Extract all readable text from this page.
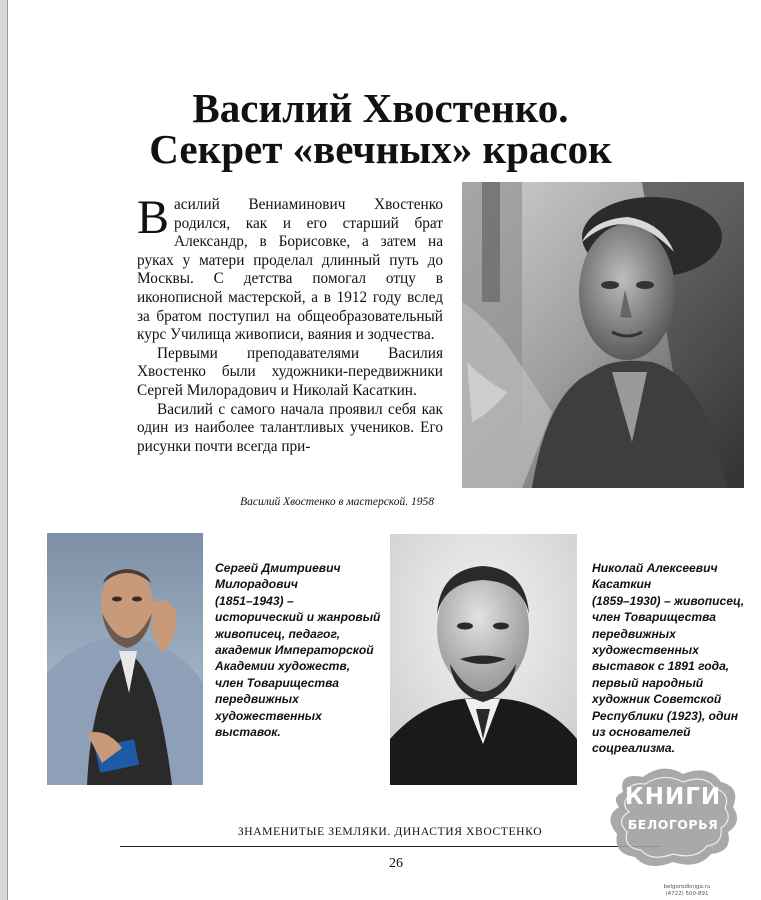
Василий Хвостенко.
Секрет «вечных» красок

Василий Вениаминович Хвостенко родился, как и его старший брат Александр, в Борисовке, а затем на руках у матери проделал длинный путь до Москвы. С детства помогал отцу в иконописной мастерской, а в 1912 году вслед за братом поступил на общеобразовательный курс Училища живописи, ваяния и зодчества.

Первыми преподавателями Василия Хвостенко были художники-передвижники Сергей Милорадович и Николай Касаткин.

Василий с самого начала проявил себя как один из наиболее талантливых учеников. Его рисунки почти всегда при-

Василий Хвостенко в мастерской. 1958
Сергей Дмитриевич
Милорадович
(1851–1943) –
исторический и жанровый
живописец, педагог,
академик Императорской
Академии художеств,
член Товарищества
передвижных
художественных
выставок.
Николай Алексеевич
Касаткин
(1859–1930) – живописец,
член Товарищества
передвижных
художественных
выставок с 1891 года,
первый народный
художник Советской
Республики (1923), один
из основателей
соцреализма.
ЗНАМЕНИТЫЕ ЗЕМЛЯКИ. ДИНАСТИЯ ХВОСТЕНКО
26
КНИГИ
БЕЛОГОРЬЯ
belgorodkniga.ru
(4722) 500-891
